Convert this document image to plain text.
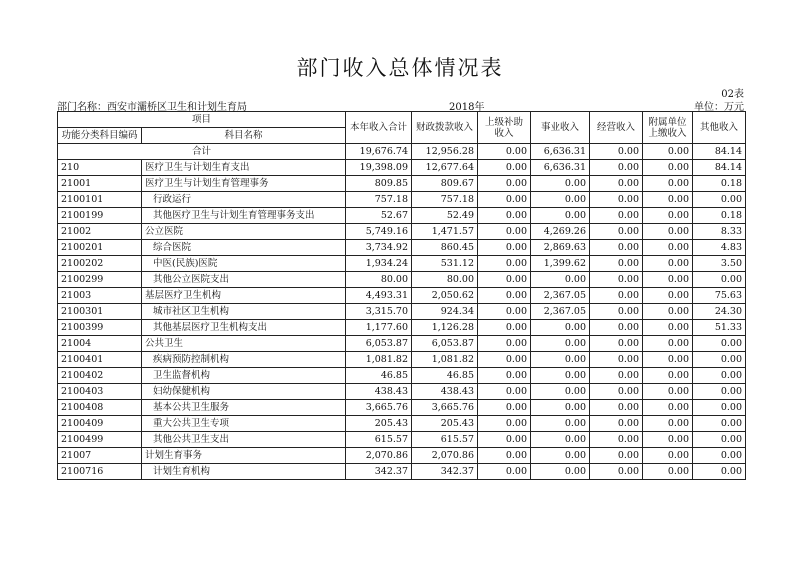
部门收入总体情况表
02表
部门名称：西安市灞桥区卫生和计划生育局	2018年	单位：万元
项目		本年收入合计	财政拨款收入	上级补助收入	事业收入	经营收入	附属单位上缴收入	其他收入
功能分类科目编码	科目名称							
合计		19,676.74	12,956.28	0.00	6,636.31	0.00	0.00	84.14
210	医疗卫生与计划生育支出	19,398.09	12,677.64	0.00	6,636.31	0.00	0.00	84.14
21001	医疗卫生与计划生育管理事务	809.85	809.67	0.00	0.00	0.00	0.00	0.18
2100101	行政运行	757.18	757.18	0.00	0.00	0.00	0.00	0.00
2100199	其他医疗卫生与计划生育管理事务支出	52.67	52.49	0.00	0.00	0.00	0.00	0.18
21002	公立医院	5,749.16	1,471.57	0.00	4,269.26	0.00	0.00	8.33
2100201	综合医院	3,734.92	860.45	0.00	2,869.63	0.00	0.00	4.83
2100202	中医(民族)医院	1,934.24	531.12	0.00	1,399.62	0.00	0.00	3.50
2100299	其他公立医院支出	80.00	80.00	0.00	0.00	0.00	0.00	0.00
21003	基层医疗卫生机构	4,493.31	2,050.62	0.00	2,367.05	0.00	0.00	75.63
2100301	城市社区卫生机构	3,315.70	924.34	0.00	2,367.05	0.00	0.00	24.30
2100399	其他基层医疗卫生机构支出	1,177.60	1,126.28	0.00	0.00	0.00	0.00	51.33
21004	公共卫生	6,053.87	6,053.87	0.00	0.00	0.00	0.00	0.00
2100401	疾病预防控制机构	1,081.82	1,081.82	0.00	0.00	0.00	0.00	0.00
2100402	卫生监督机构	46.85	46.85	0.00	0.00	0.00	0.00	0.00
2100403	妇幼保健机构	438.43	438.43	0.00	0.00	0.00	0.00	0.00
2100408	基本公共卫生服务	3,665.76	3,665.76	0.00	0.00	0.00	0.00	0.00
2100409	重大公共卫生专项	205.43	205.43	0.00	0.00	0.00	0.00	0.00
2100499	其他公共卫生支出	615.57	615.57	0.00	0.00	0.00	0.00	0.00
21007	计划生育事务	2,070.86	2,070.86	0.00	0.00	0.00	0.00	0.00
2100716	计划生育机构	342.37	342.37	0.00	0.00	0.00	0.00	0.00
